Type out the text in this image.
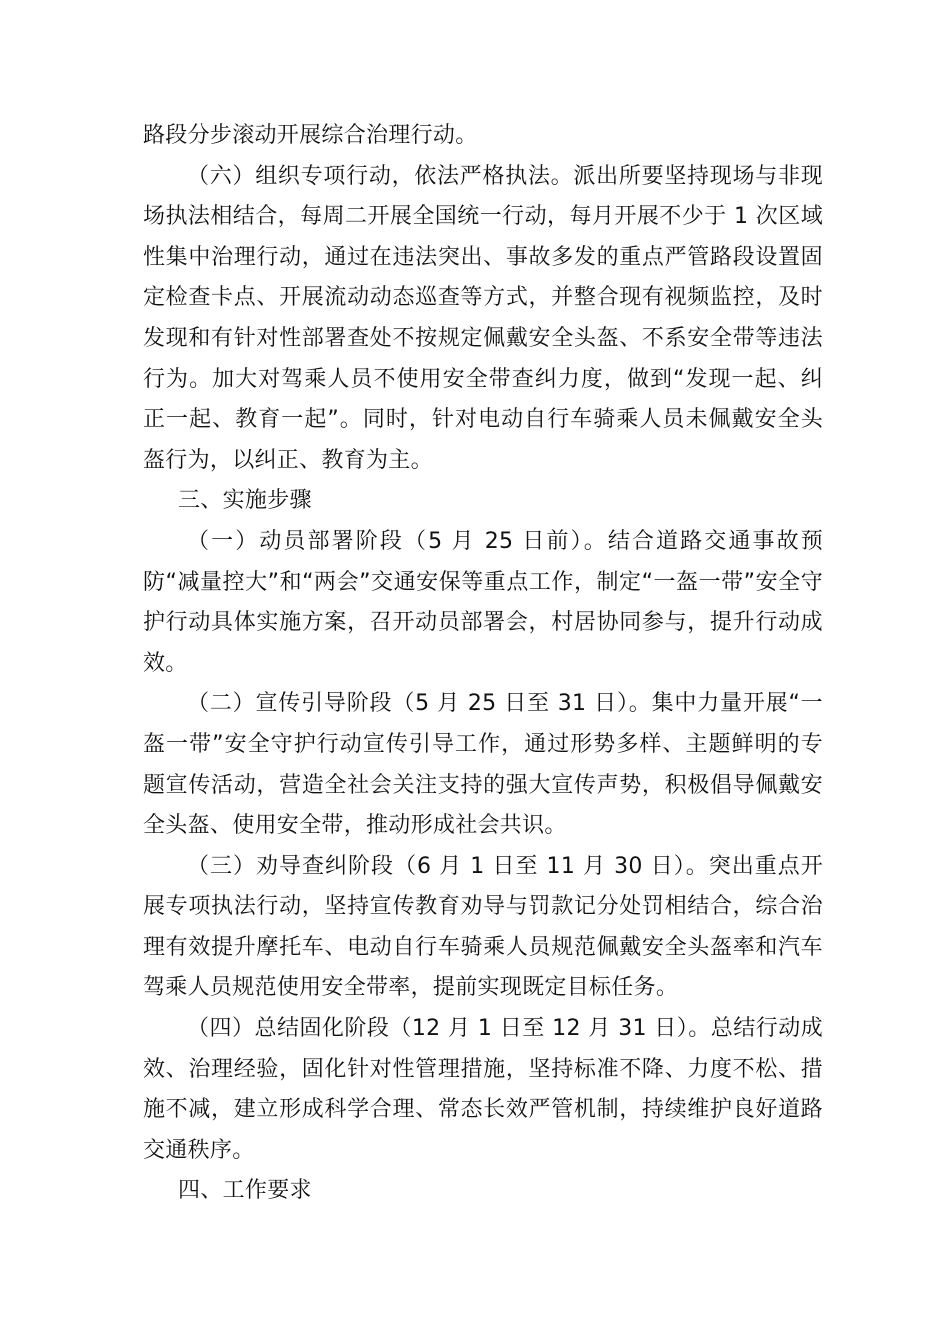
路段分步滚动开展综合治理行动。

（六）组织专项行动，依法严格执法。派出所要坚持现场与非现场执法相结合，每周二开展全国统一行动，每月开展不少于 1 次区域性集中治理行动，通过在违法突出、事故多发的重点严管路段设置固定检查卡点、开展流动动态巡查等方式，并整合现有视频监控，及时发现和有针对性部署查处不按规定佩戴安全头盔、不系安全带等违法行为。加大对驾乘人员不使用安全带查纠力度，做到“发现一起、纠正一起、教育一起”。同时，针对电动自行车骑乘人员未佩戴安全头盔行为，以纠正、教育为主。

三、实施步骤

（一）动员部署阶段（5 月 25 日前）。结合道路交通事故预防“减量控大”和“两会”交通安保等重点工作，制定“一盔一带”安全守护行动具体实施方案，召开动员部署会，村居协同参与，提升行动成效。

（二）宣传引导阶段（5 月 25 日至 31 日）。集中力量开展“一盔一带”安全守护行动宣传引导工作，通过形势多样、主题鲜明的专题宣传活动，营造全社会关注支持的强大宣传声势，积极倡导佩戴安全头盔、使用安全带，推动形成社会共识。

（三）劝导查纠阶段（6 月 1 日至 11 月 30 日）。突出重点开展专项执法行动，坚持宣传教育劝导与罚款记分处罚相结合，综合治理有效提升摩托车、电动自行车骑乘人员规范佩戴安全头盔率和汽车驾乘人员规范使用安全带率，提前实现既定目标任务。

（四）总结固化阶段（12 月 1 日至 12 月 31 日）。总结行动成效、治理经验，固化针对性管理措施，坚持标准不降、力度不松、措施不减，建立形成科学合理、常态长效严管机制，持续维护良好道路交通秩序。

四、工作要求
